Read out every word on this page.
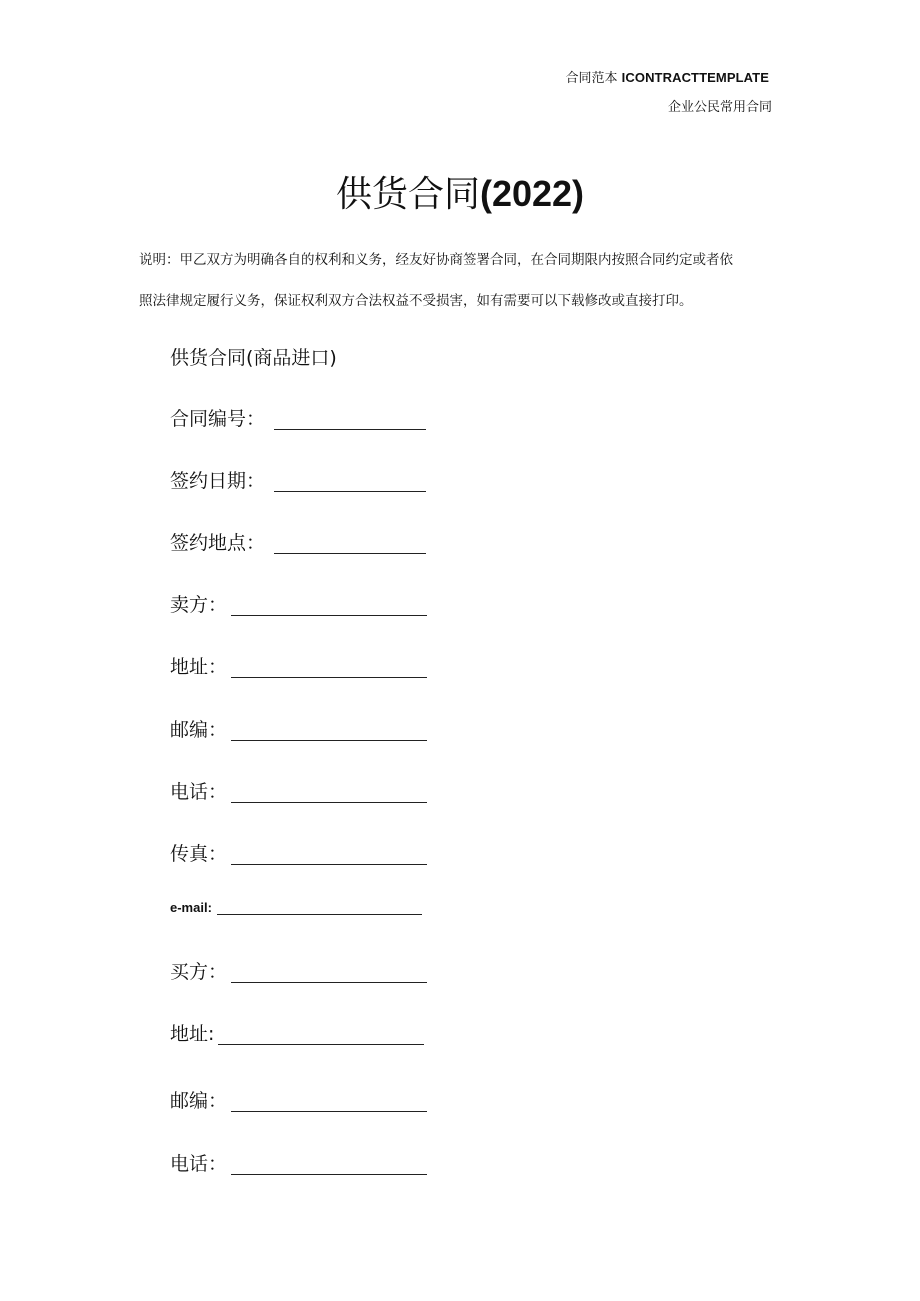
合同范本 ICONTRACTTEMPLATE
企业公民常用合同
供货合同(2022)
说明：甲乙双方为明确各自的权利和义务，经友好协商签署合同，在合同期限内按照合同约定或者依
照法律规定履行义务，保证权利双方合法权益不受损害，如有需要可以下载修改或直接打印。
供货合同(商品进口)
合同编号：
签约日期：
签约地点：
卖方：
地址：
邮编：
电话：
传真：
e-mail:
买方：
地址:
邮编：
电话：
